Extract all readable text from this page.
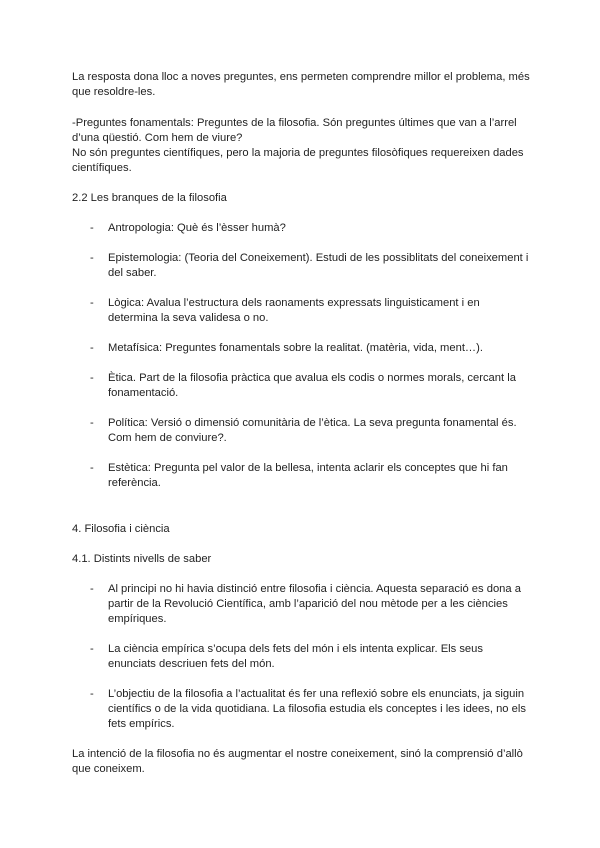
La resposta dona lloc a noves preguntes, ens permeten comprendre millor el problema, més que resoldre-les.

-Preguntes fonamentals: Preguntes de la filosofia. Són preguntes últimes que van a l’arrel d’una qüestió. Com hem de viure?

No són preguntes científiques, pero la majoria de preguntes filosòfiques requereixen dades científiques.

2.2 Les branques de la filosofia

- Antropologia: Què és l’èsser humà?
- Epistemologia: (Teoria del Coneixement). Estudi de les possiblitats del coneixement i del saber.
- Lògica: Avalua l’estructura dels raonaments expressats linguisticament i en determina la seva validesa o no.
- Metafísica: Preguntes fonamentals sobre la realitat. (matèria, vida, ment…).
- Ètica. Part de la filosofia pràctica que avalua els codis o normes morals, cercant la fonamentació.
- Política: Versió o dimensió comunitària de l’ètica. La seva pregunta fonamental és. Com hem de conviure?.
- Estètica: Pregunta pel valor de la bellesa, intenta aclarir els conceptes que hi fan referència.

4. Filosofia i ciència

4.1. Distints nivells de saber

- Al principi no hi havia distinció entre filosofia i ciència. Aquesta separació es dona a partir de la Revolució Científica, amb l’aparició del nou mètode per a les ciències empíriques.
- La ciència empírica s’ocupa dels fets del món i els intenta explicar. Els seus enunciats descriuen fets del món.
- L’objectiu de la filosofia a l’actualitat és fer una reflexió sobre els enunciats, ja siguin científics o de la vida quotidiana. La filosofia estudia els conceptes i les idees, no els fets empírics.

La intenció de la filosofia no és augmentar el nostre coneixement, sinó la comprensió d’allò que coneixem.
